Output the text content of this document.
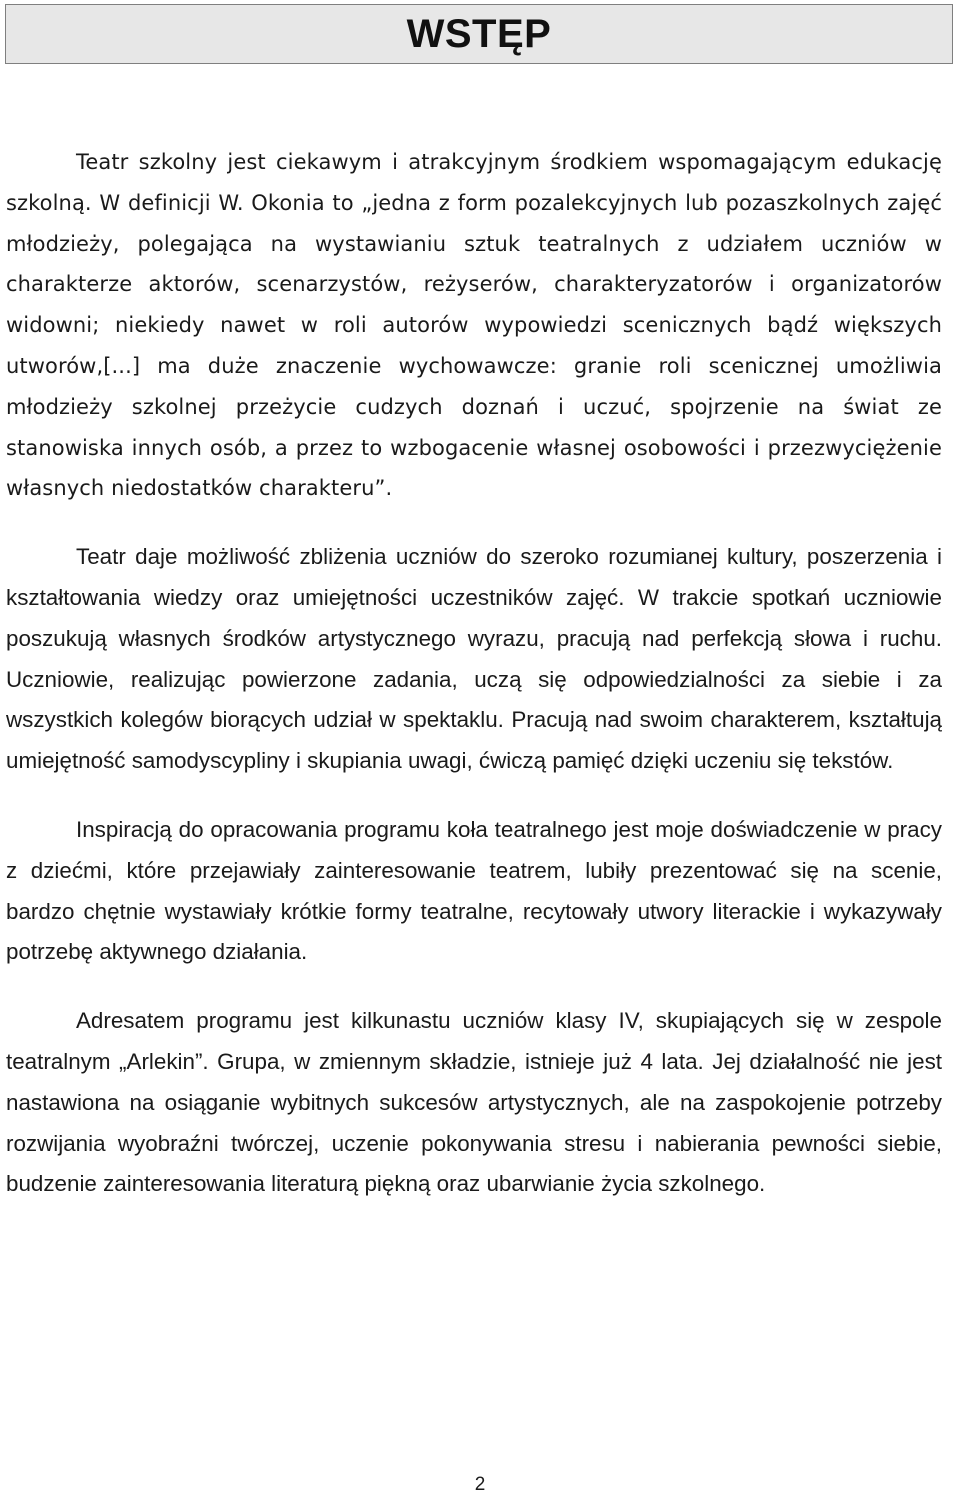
WSTĘP

Teatr szkolny jest ciekawym i atrakcyjnym środkiem wspomagającym edukację szkolną. W definicji W. Okonia to „jedna z form pozalekcyjnych lub pozaszkolnych zajęć młodzieży, polegająca na wystawianiu sztuk teatralnych z udziałem uczniów w charakterze aktorów, scenarzystów, reżyserów, charakteryzatorów i organizatorów widowni; niekiedy nawet w roli autorów wypowiedzi scenicznych bądź większych utworów,[...] ma duże znaczenie wychowawcze: granie roli scenicznej umożliwia młodzieży szkolnej przeżycie cudzych doznań i uczuć, spojrzenie na świat ze stanowiska innych osób, a przez to wzbogacenie własnej osobowości i przezwyciężenie własnych niedostatków charakteru”.

Teatr daje możliwość zbliżenia uczniów do szeroko rozumianej kultury, poszerzenia i kształtowania wiedzy oraz umiejętności uczestników zajęć. W trakcie spotkań uczniowie poszukują własnych środków artystycznego wyrazu, pracują nad perfekcją słowa i ruchu. Uczniowie, realizując powierzone zadania, uczą się odpowiedzialności za siebie i za wszystkich kolegów biorących udział w spektaklu. Pracują nad swoim charakterem, kształtują umiejętność samodyscypliny i skupiania uwagi, ćwiczą pamięć dzięki uczeniu się tekstów.

Inspiracją do opracowania programu koła teatralnego jest moje doświadczenie w pracy z dziećmi, które przejawiały zainteresowanie teatrem, lubiły prezentować się na scenie, bardzo chętnie wystawiały krótkie formy teatralne, recytowały utwory literackie i wykazywały potrzebę aktywnego działania.

Adresatem programu jest kilkunastu uczniów klasy IV, skupiających się w zespole teatralnym „Arlekin”. Grupa, w zmiennym składzie, istnieje już 4 lata. Jej działalność nie jest nastawiona na osiąganie wybitnych sukcesów artystycznych, ale na zaspokojenie potrzeby rozwijania wyobraźni twórczej, uczenie pokonywania stresu i nabierania pewności siebie, budzenie zainteresowania literaturą piękną oraz ubarwianie życia szkolnego.

2
